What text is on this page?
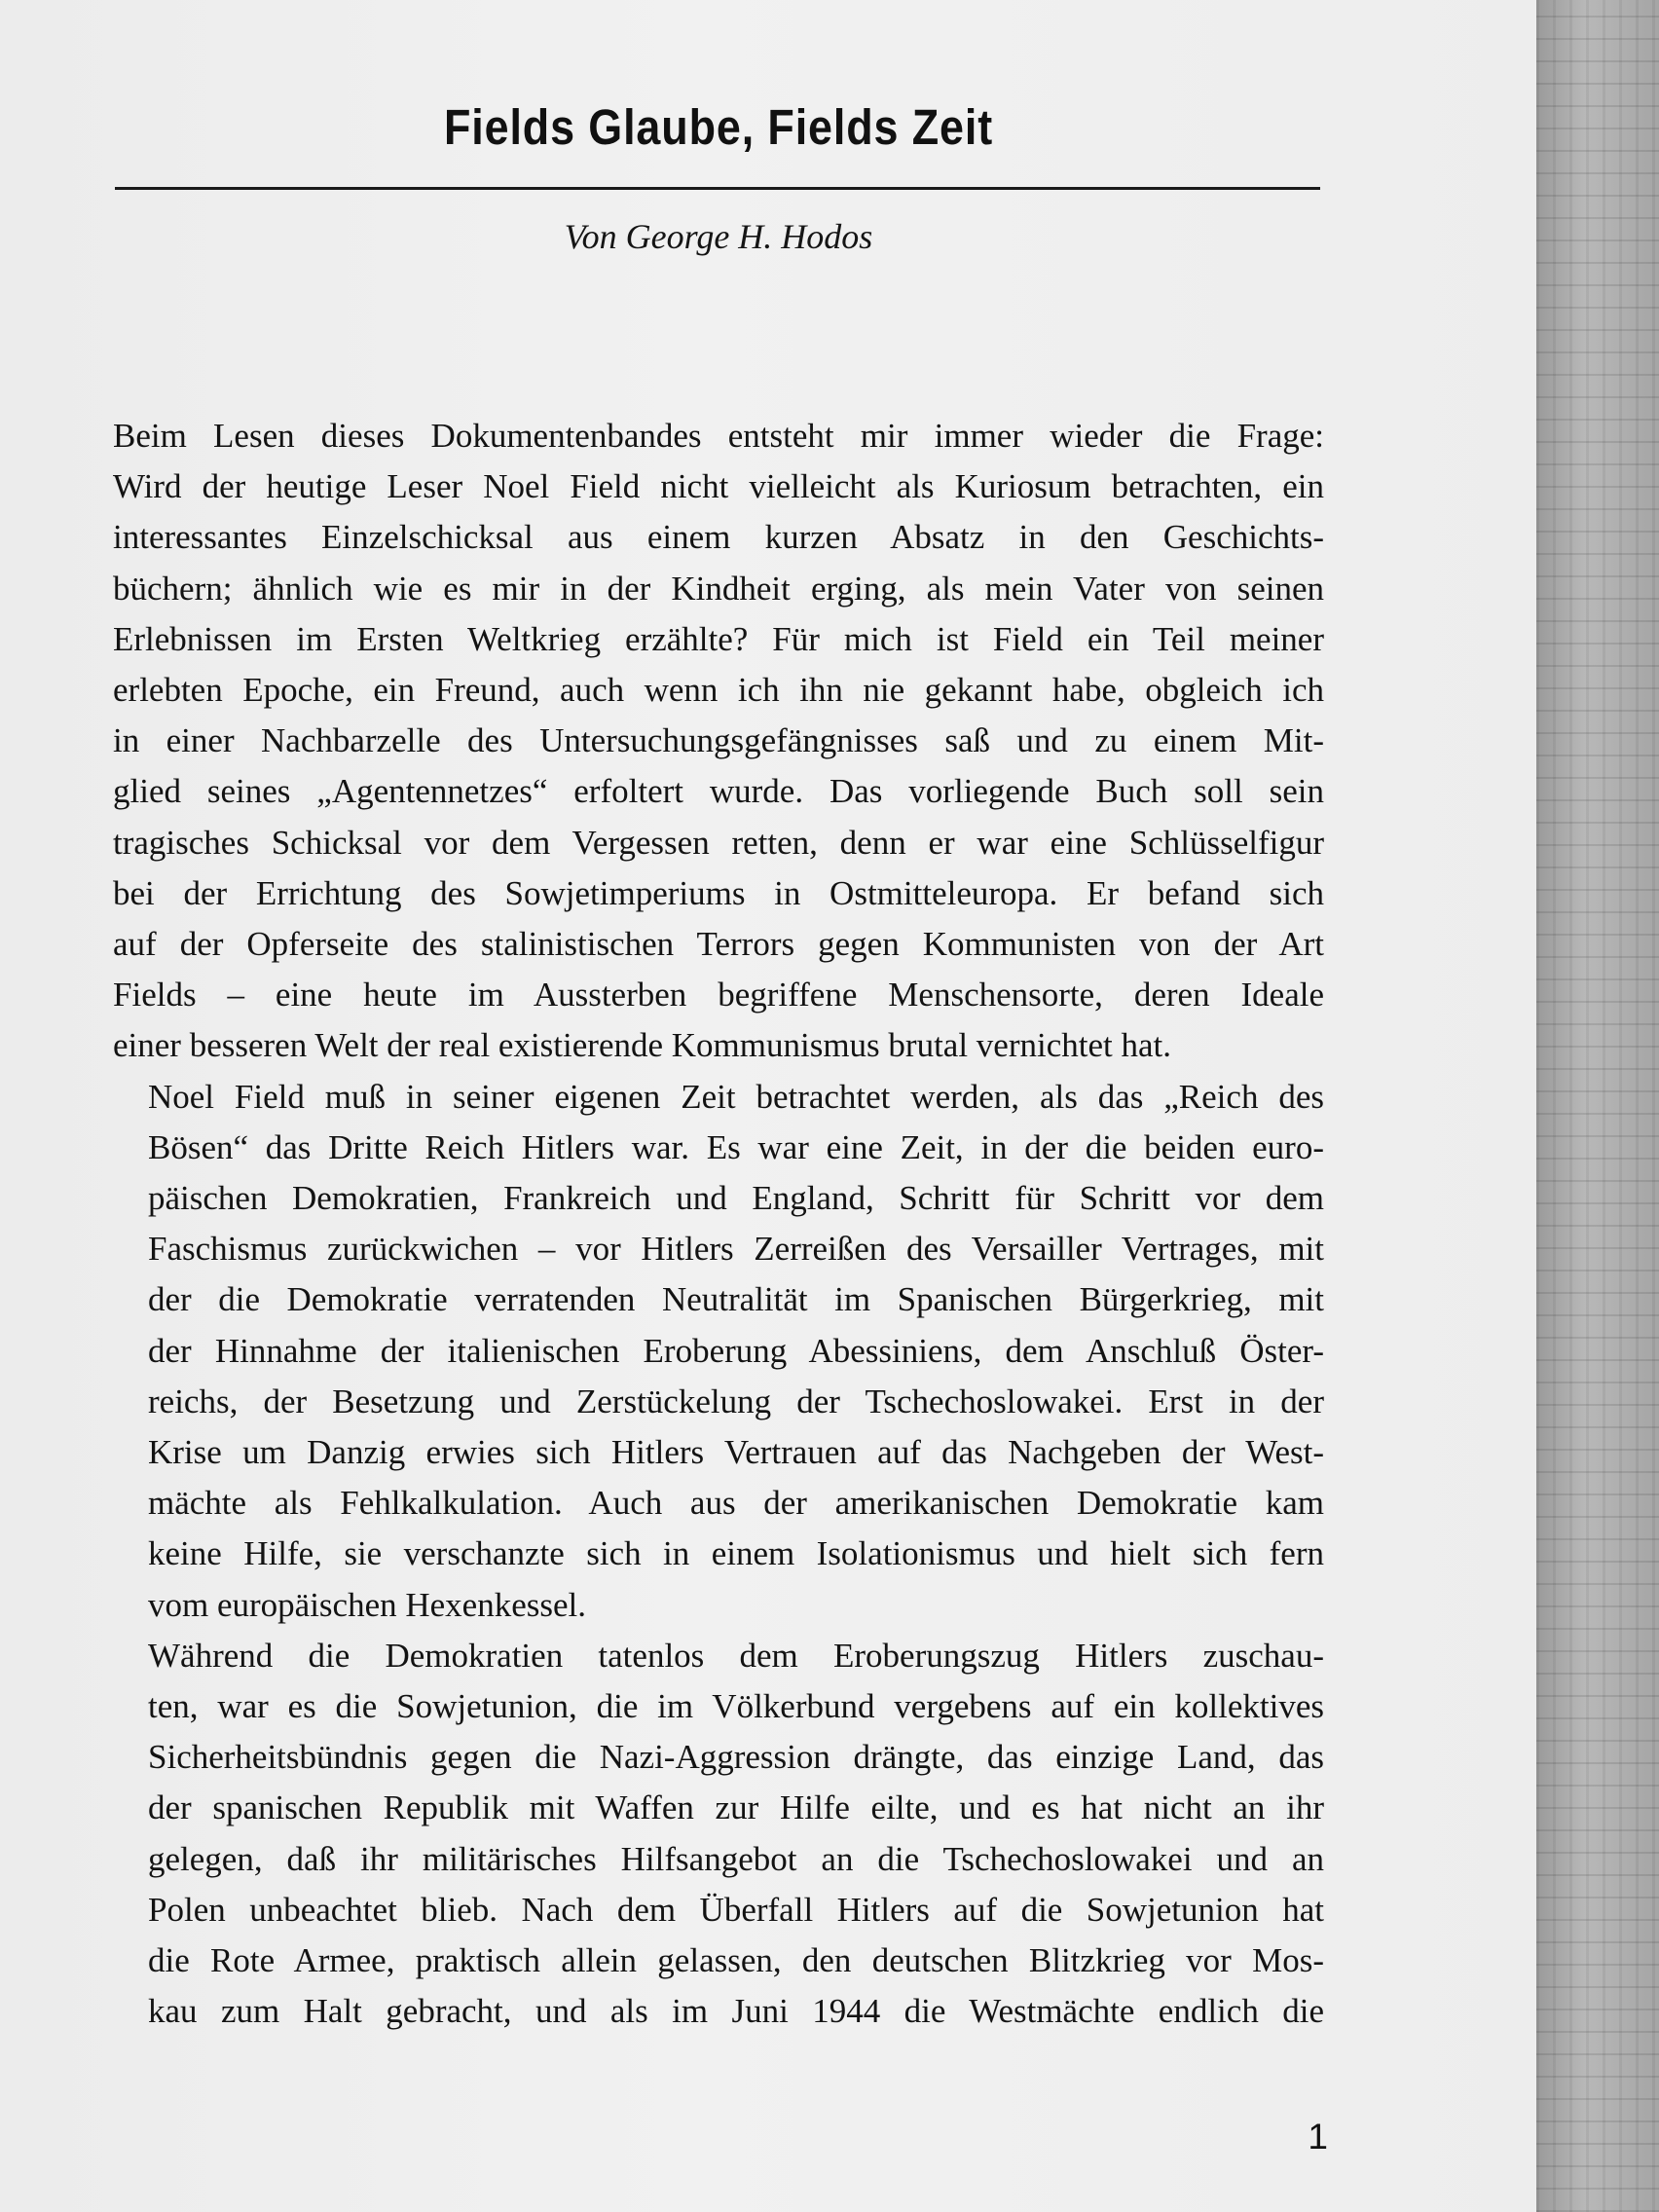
Fields Glaube, Fields Zeit

Von George H. Hodos

Beim Lesen dieses Dokumentenbandes entsteht mir immer wieder die Frage:
Wird der heutige Leser Noel Field nicht vielleicht als Kuriosum betrachten, ein
interessantes Einzelschicksal aus einem kurzen Absatz in den Geschichts-
büchern; ähnlich wie es mir in der Kindheit erging, als mein Vater von seinen
Erlebnissen im Ersten Weltkrieg erzählte? Für mich ist Field ein Teil meiner
erlebten Epoche, ein Freund, auch wenn ich ihn nie gekannt habe, obgleich ich
in einer Nachbarzelle des Untersuchungsgefängnisses saß und zu einem Mit-
glied seines „Agentennetzes“ erfoltert wurde. Das vorliegende Buch soll sein
tragisches Schicksal vor dem Vergessen retten, denn er war eine Schlüsselfigur
bei der Errichtung des Sowjetimperiums in Ostmitteleuropa. Er befand sich
auf der Opferseite des stalinistischen Terrors gegen Kommunisten von der Art
Fields – eine heute im Aussterben begriffene Menschensorte, deren Ideale
einer besseren Welt der real existierende Kommunismus brutal vernichtet hat.

Noel Field muß in seiner eigenen Zeit betrachtet werden, als das „Reich des
Bösen“ das Dritte Reich Hitlers war. Es war eine Zeit, in der die beiden euro-
päischen Demokratien, Frankreich und England, Schritt für Schritt vor dem
Faschismus zurückwichen – vor Hitlers Zerreißen des Versailler Vertrages, mit
der die Demokratie verratenden Neutralität im Spanischen Bürgerkrieg, mit
der Hinnahme der italienischen Eroberung Abessiniens, dem Anschluß Öster-
reichs, der Besetzung und Zerstückelung der Tschechoslowakei. Erst in der
Krise um Danzig erwies sich Hitlers Vertrauen auf das Nachgeben der West-
mächte als Fehlkalkulation. Auch aus der amerikanischen Demokratie kam
keine Hilfe, sie verschanzte sich in einem Isolationismus und hielt sich fern
vom europäischen Hexenkessel.

Während die Demokratien tatenlos dem Eroberungszug Hitlers zuschau-
ten, war es die Sowjetunion, die im Völkerbund vergebens auf ein kollektives
Sicherheitsbündnis gegen die Nazi-Aggression drängte, das einzige Land, das
der spanischen Republik mit Waffen zur Hilfe eilte, und es hat nicht an ihr
gelegen, daß ihr militärisches Hilfsangebot an die Tschechoslowakei und an
Polen unbeachtet blieb. Nach dem Überfall Hitlers auf die Sowjetunion hat
die Rote Armee, praktisch allein gelassen, den deutschen Blitzkrieg vor Mos-
kau zum Halt gebracht, und als im Juni 1944 die Westmächte endlich die

1
